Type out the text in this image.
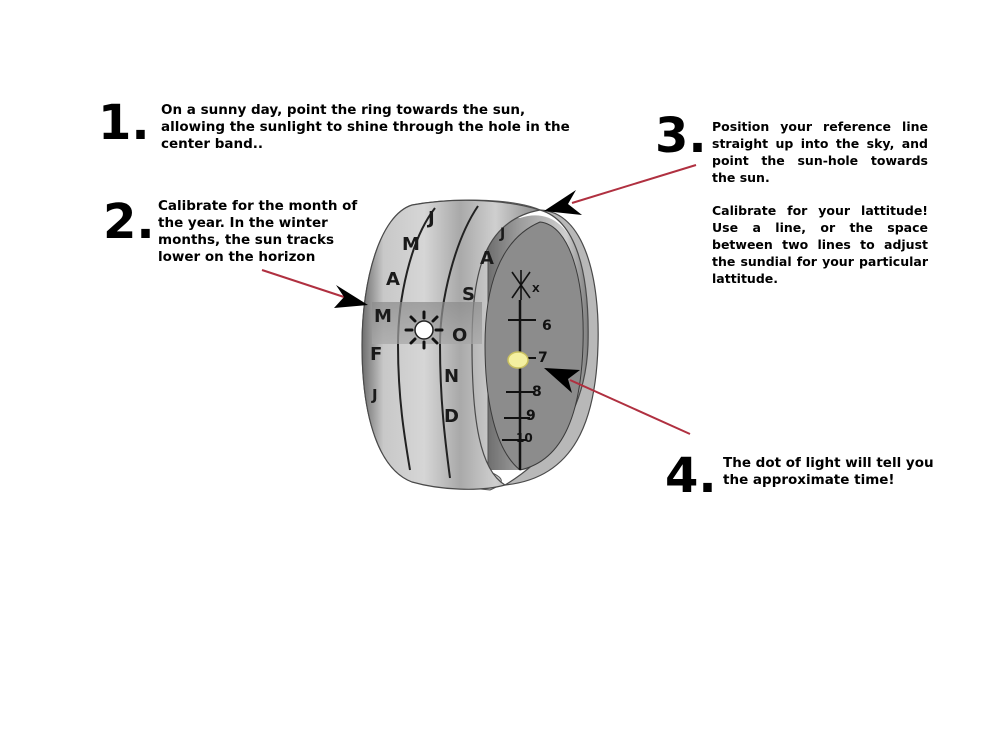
J
M
A
M
F
J
J
A
S
O
N
D
6
7
8
9
10
X
1. On a sunny day, point the ring towards the sun, allowing the sunlight to shine through the hole in the center band..

2. Calibrate for the month of the year. In the winter months, the sun tracks lower on the horizon

3. Position your reference line straight up into the sky, and point the sun-hole towards the sun.

Calibrate for your lattitude! Use a line, or the space between two lines to adjust the sundial for your particular lattitude.

4. The dot of light will tell you the approximate time!
